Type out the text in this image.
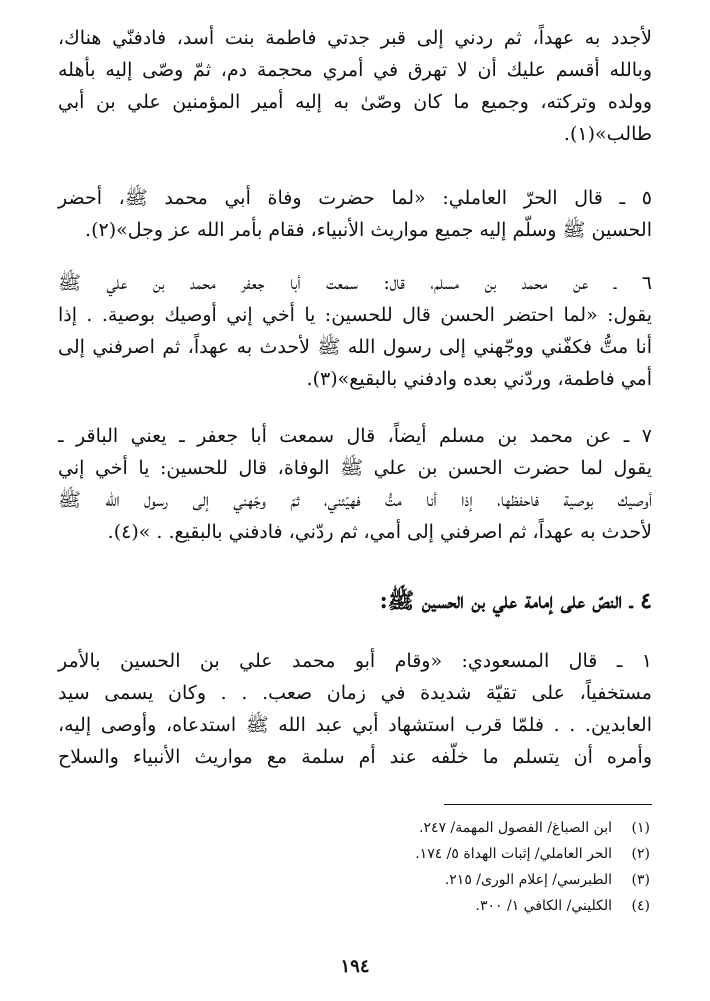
لأجدد به عهداً، ثم ردني إلى قبر جدتي فاطمة بنت أسد، فادفنّي هناك،
وبالله أقسم عليك أن لا تهرق في أمري محجمة دم، ثمّ وصّى إليه بأهله
وولده وتركته، وجميع ما كان وصّىٰ به إليه أمير المؤمنين علي بن أبي
طالب»(١).
٥ ـ قال الحرّ العاملي: «لما حضرت وفاة أبي محمد ﷺ، أحضر
الحسين ﷺ وسلّم إليه جميع مواريث الأنبياء، فقام بأمر الله عز وجل»(٢).
٦ ـ عن محمد بن مسلم، قال: سمعت أبا جعفر محمد بن علي ﷺ
يقول: «لما احتضر الحسن قال للحسين: يا أخي إني أوصيك بوصية. . إذا
أنا متُّ فكفّني ووجّهني إلى رسول الله ﷺ لأحدث به عهداً، ثم اصرفني إلى
أمي فاطمة، وردّني بعده وادفني بالبقيع»(٣).
٧ ـ عن محمد بن مسلم أيضاً، قال سمعت أبا جعفر ـ يعني الباقر ـ
يقول لما حضرت الحسن بن علي ﷺ الوفاة، قال للحسين: يا أخي إني
أوصيك بوصية فاحفظها، إذا أنا متُّ فهيّئني، ثمّ وجّهني إلى رسول الله ﷺ
لأحدث به عهداً، ثم اصرفني إلى أمي، ثم ردّني، فادفني بالبقيع. . »(٤).
٤ ـ النصّ على إمامة علي بن الحسين ﷺ:
١ ـ قال المسعودي: «وقام أبو محمد علي بن الحسين بالأمر
مستخفياً، على تقيّة شديدة في زمان صعب. . . وكان يسمى سيد
العابدين. . . فلمّا قرب استشهاد أبي عبد الله ﷺ استدعاه، وأوصى إليه،
وأمره أن يتسلم ما خلّفه عند أم سلمة مع مواريث الأنبياء والسلاح
(١)ابن الصباغ/ الفصول المهمة/ ٢٤٧.
(٢)الحر العاملي/ إثبات الهداة ٥/ ١٧٤.
(٣)الطبرسي/ إعلام الورى/ ٢١٥.
(٤)الكليني/ الكافي ١/ ٣٠٠.
١٩٤
